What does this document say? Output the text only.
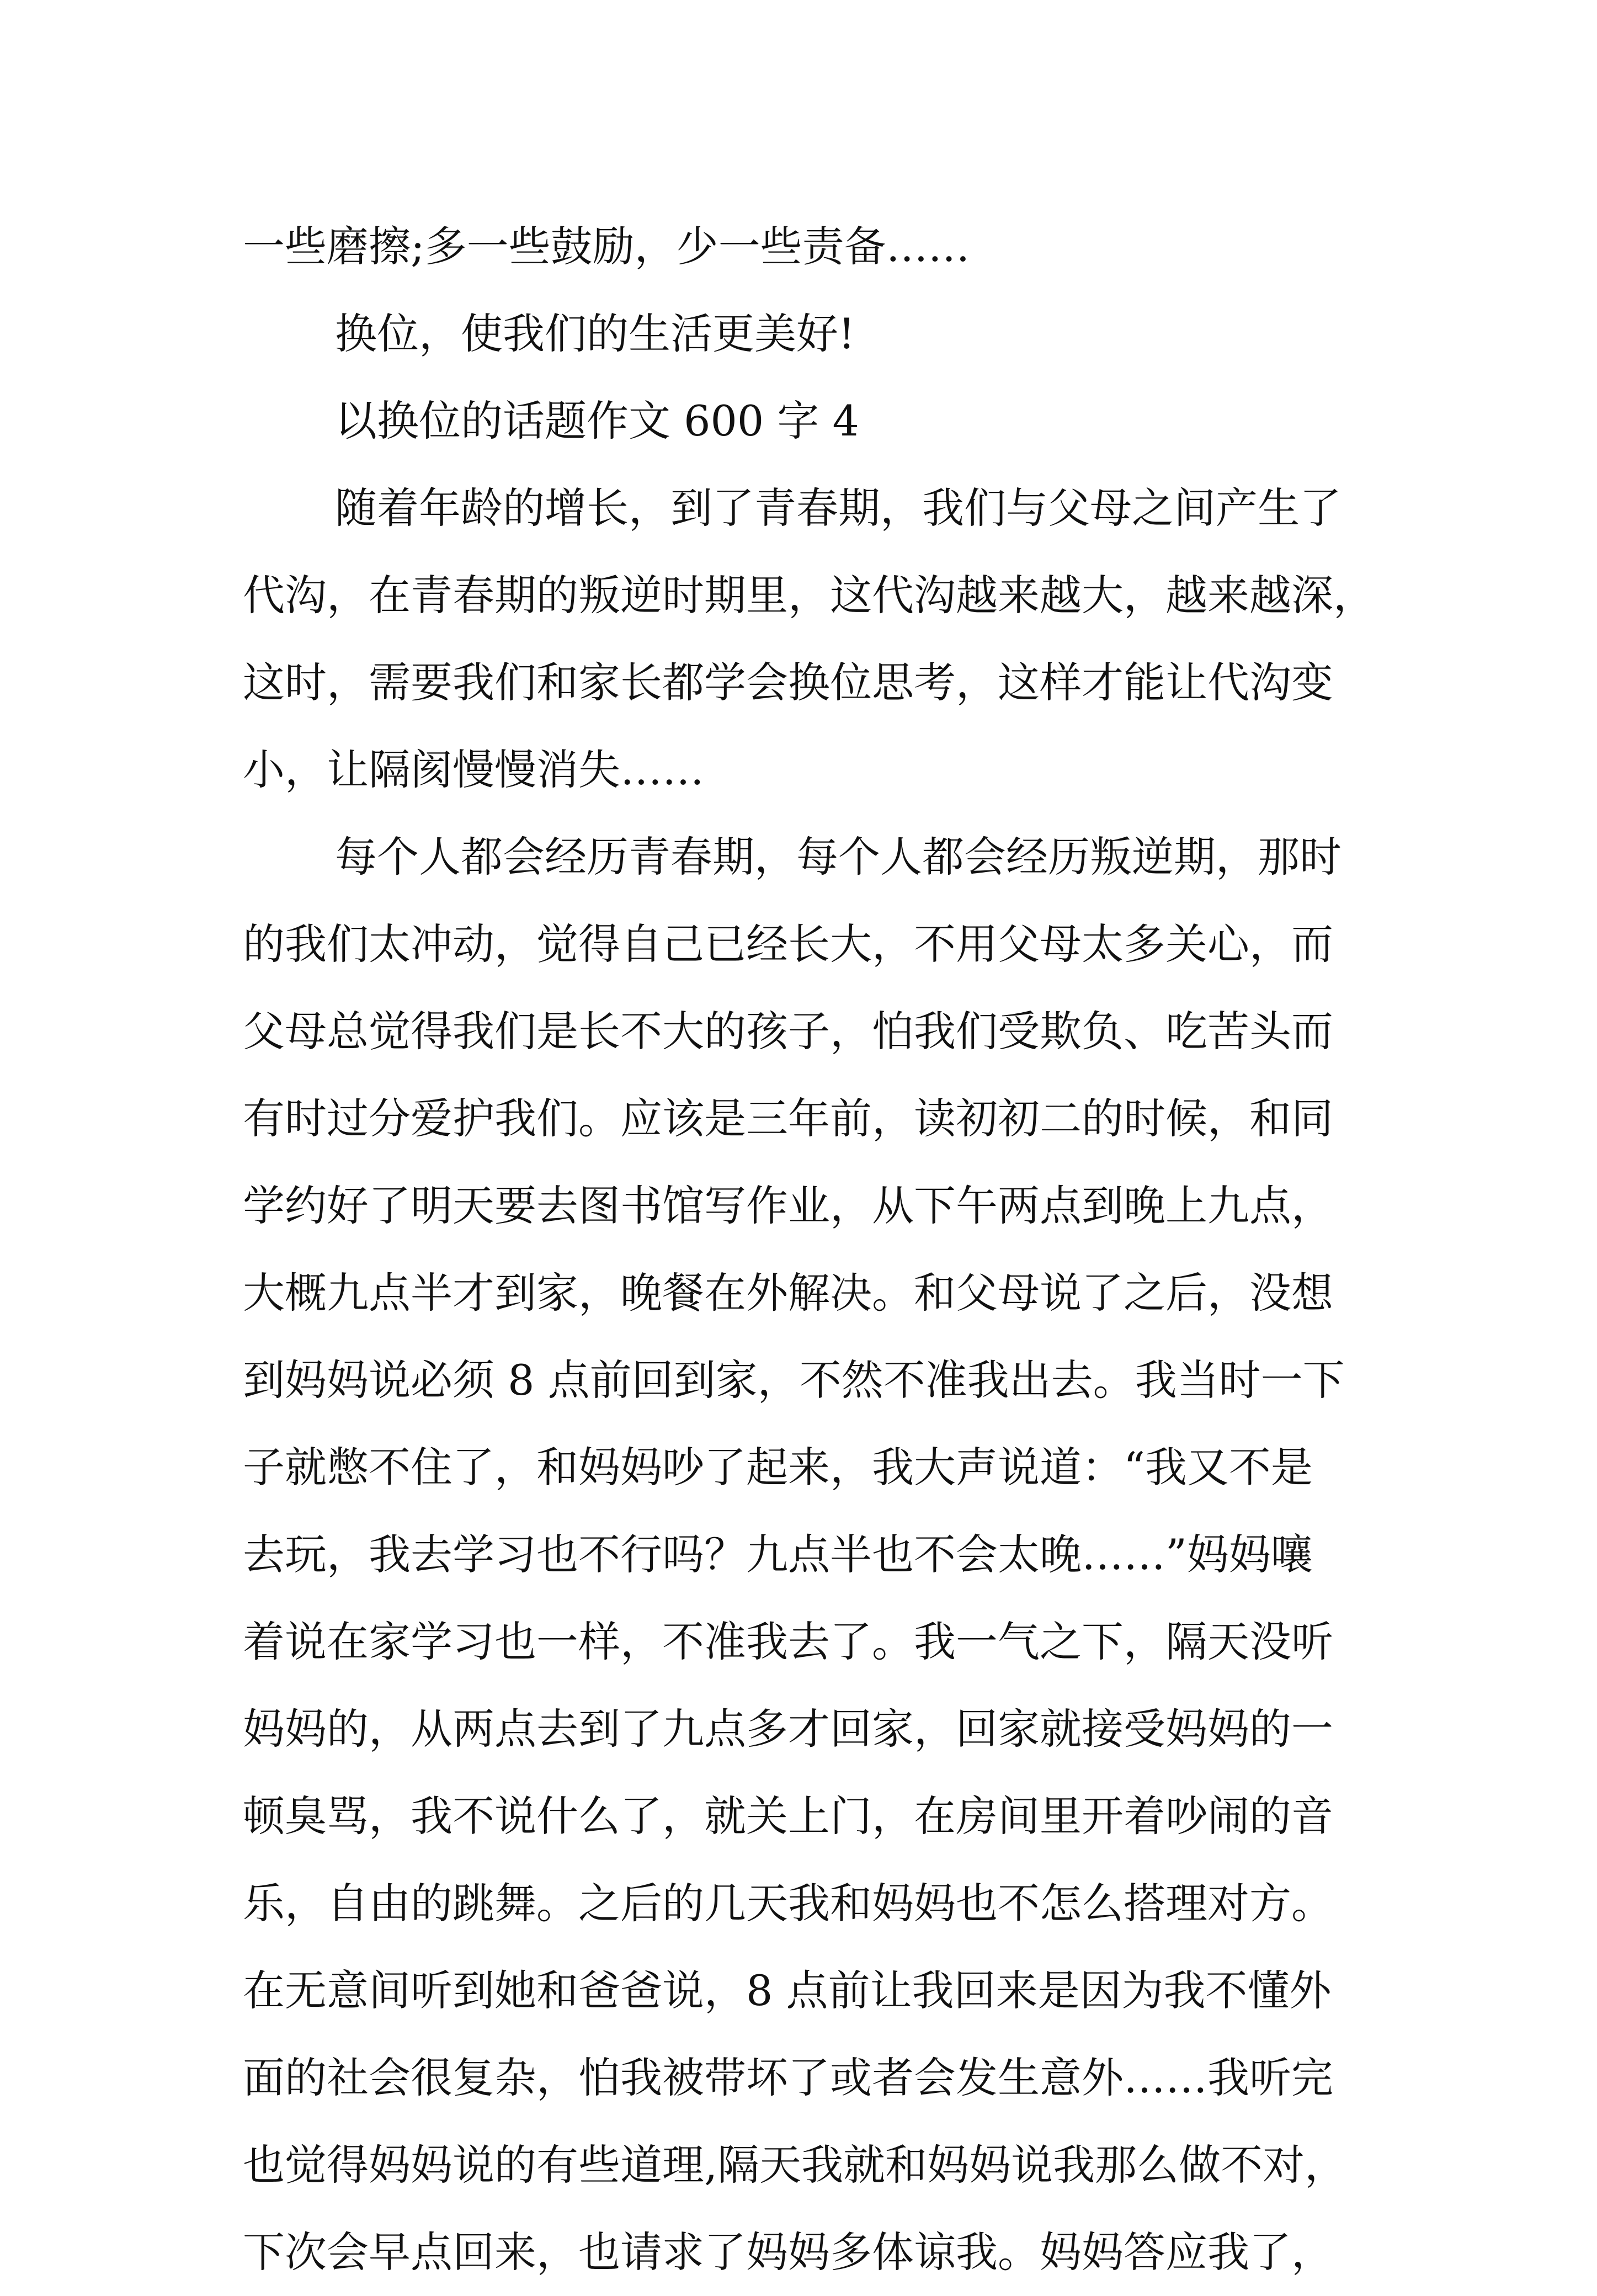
一些磨擦;多一些鼓励，少一些责备……
换位，使我们的生活更美好!
以换位的话题作文 600 字 4
随着年龄的增长，到了青春期，我们与父母之间产生了
代沟，在青春期的叛逆时期里，这代沟越来越大，越来越深，
这时，需要我们和家长都学会换位思考，这样才能让代沟变
小，让隔阂慢慢消失……
每个人都会经历青春期，每个人都会经历叛逆期，那时
的我们太冲动，觉得自己已经长大，不用父母太多关心，而
父母总觉得我们是长不大的孩子，怕我们受欺负、吃苦头而
有时过分爱护我们。应该是三年前，读初初二的时候，和同
学约好了明天要去图书馆写作业，从下午两点到晚上九点，
大概九点半才到家，晚餐在外解决。和父母说了之后，没想
到妈妈说必须 8 点前回到家，不然不准我出去。我当时一下
子就憋不住了，和妈妈吵了起来，我大声说道：“我又不是
去玩，我去学习也不行吗？九点半也不会太晚……”妈妈嚷
着说在家学习也一样，不准我去了。我一气之下，隔天没听
妈妈的，从两点去到了九点多才回家，回家就接受妈妈的一
顿臭骂，我不说什么了，就关上门，在房间里开着吵闹的音
乐，自由的跳舞。之后的几天我和妈妈也不怎么搭理对方。
在无意间听到她和爸爸说，8 点前让我回来是因为我不懂外
面的社会很复杂，怕我被带坏了或者会发生意外……我听完
也觉得妈妈说的有些道理,隔天我就和妈妈说我那么做不对，
下次会早点回来，也请求了妈妈多体谅我。妈妈答应我了，
